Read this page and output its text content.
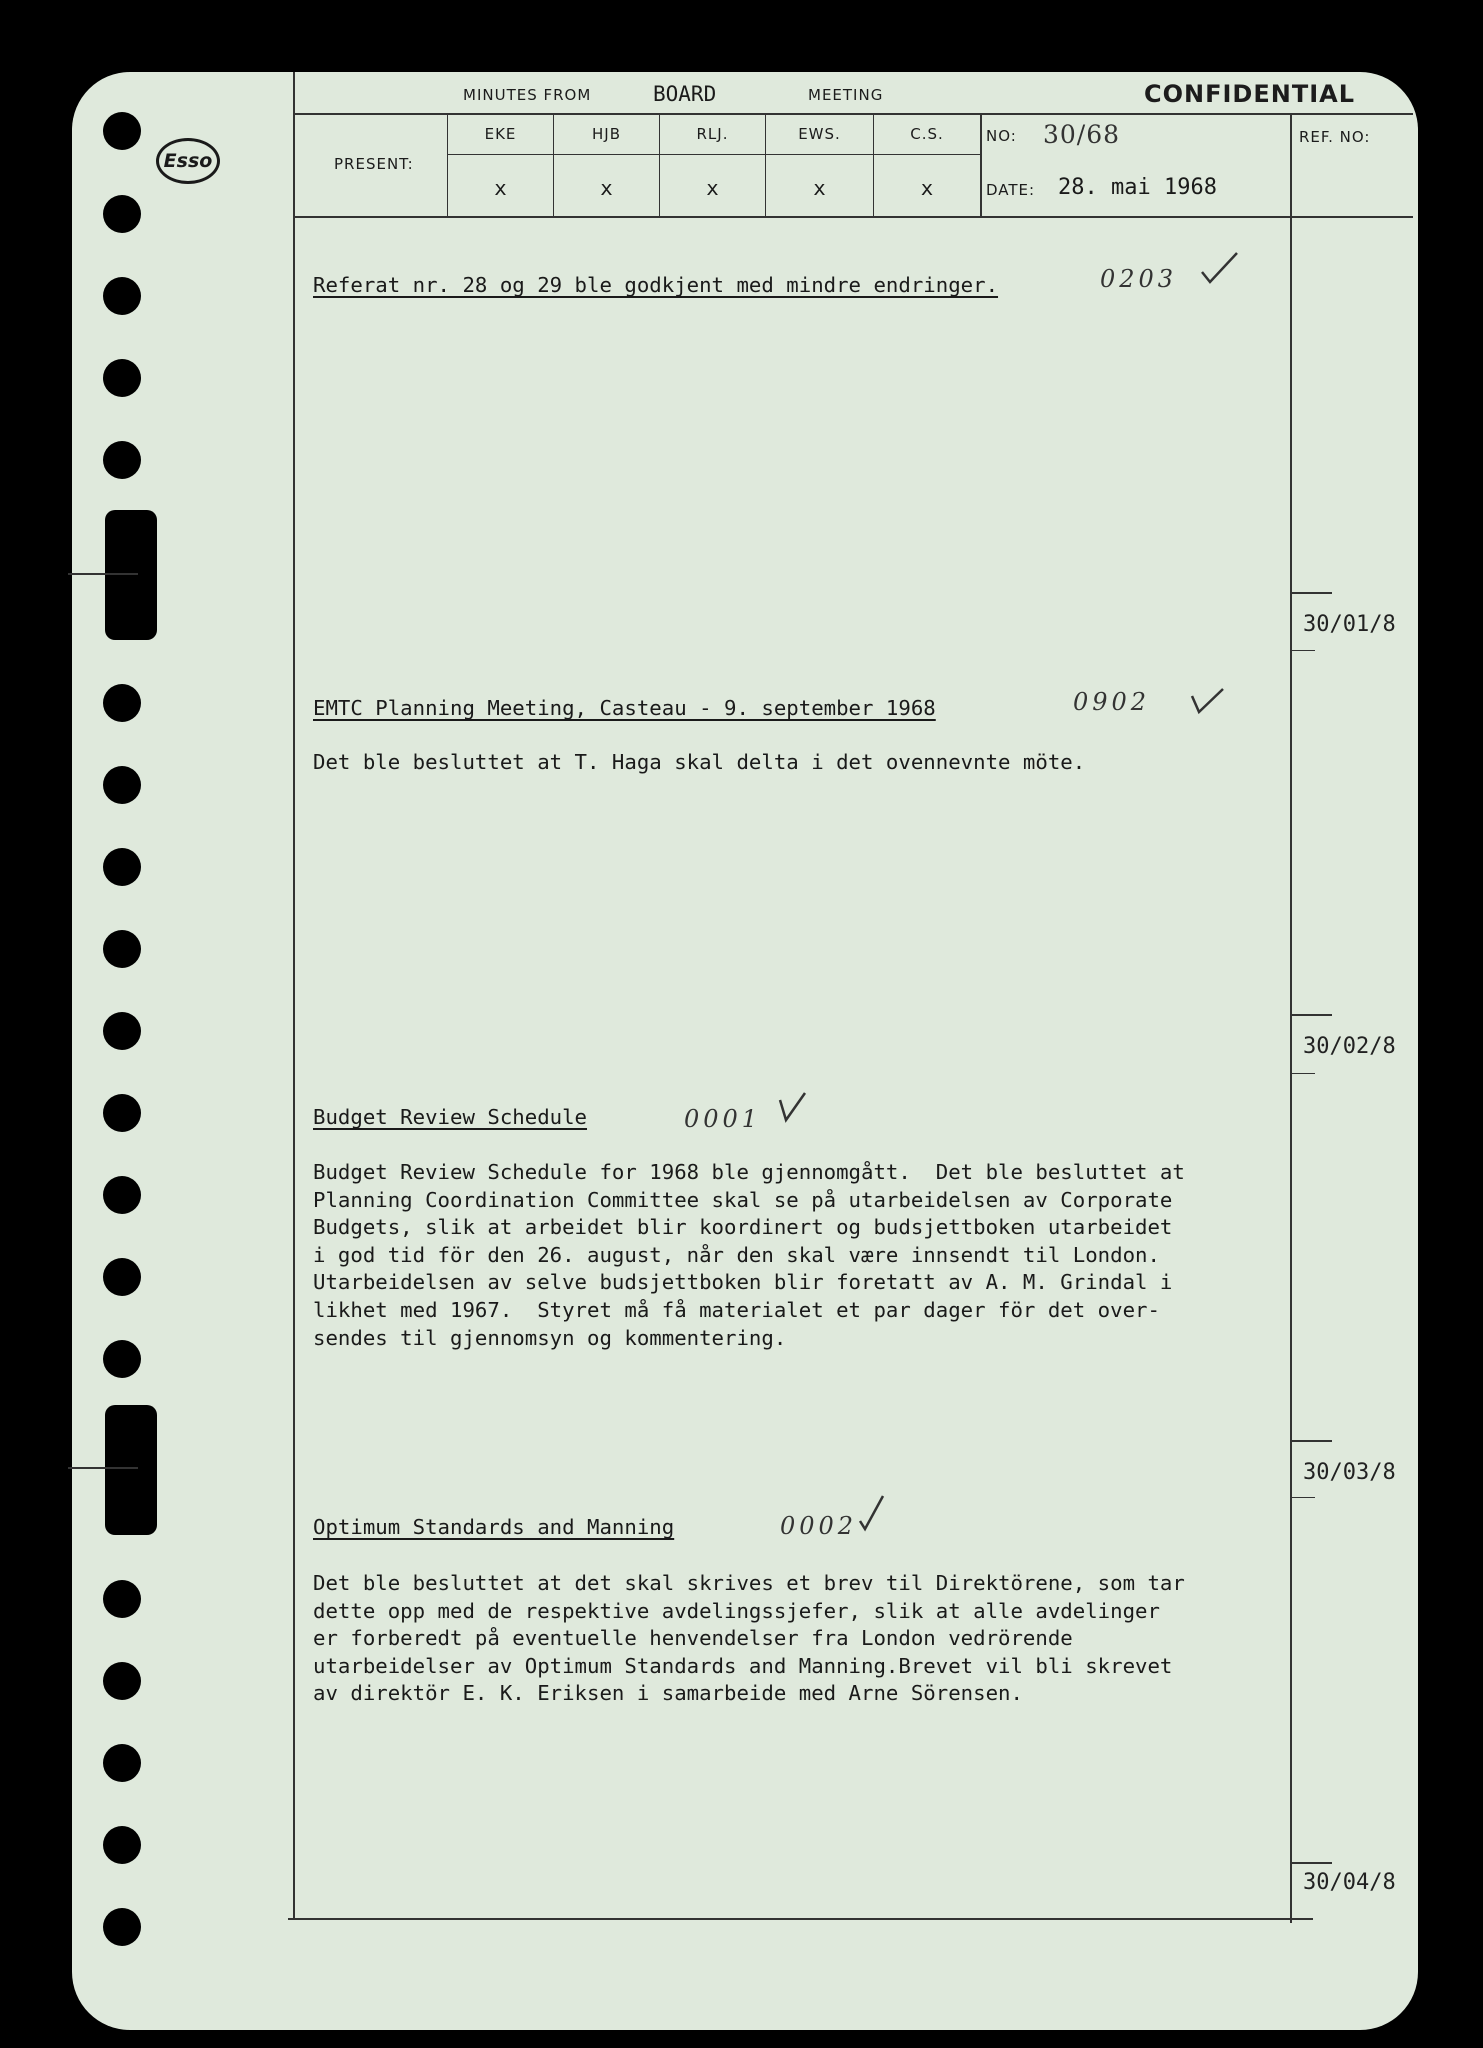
Esso
MINUTES FROM	BOARD	MEETING	CONFIDENTIAL
PRESENT:
EKE	HJB	RLJ.	EWS.	C.S.
x	x	x	x	x
NO: 30/68
DATE: 28. mai 1968
REF. NO:
Referat nr. 28 og 29 ble godkjent med mindre endringer.	0203
30/01/8
EMTC Planning Meeting, Casteau - 9. september 1968	0902
Det ble besluttet at T. Haga skal delta i det ovennevnte möte.
30/02/8
Budget Review Schedule	0001
Budget Review Schedule for 1968 ble gjennomgått.  Det ble besluttet at
Planning Coordination Committee skal se på utarbeidelsen av Corporate
Budgets, slik at arbeidet blir koordinert og budsjettboken utarbeidet
i god tid för den 26. august, når den skal være innsendt til London.
Utarbeidelsen av selve budsjettboken blir foretatt av A. M. Grindal i
likhet med 1967.  Styret må få materialet et par dager för det over-
sendes til gjennomsyn og kommentering.
30/03/8
Optimum Standards and Manning	0002
Det ble besluttet at det skal skrives et brev til Direktörene, som tar
dette opp med de respektive avdelingssjefer, slik at alle avdelinger
er forberedt på eventuelle henvendelser fra London vedrörende
utarbeidelser av Optimum Standards and Manning.Brevet vil bli skrevet
av direktör E. K. Eriksen i samarbeide med Arne Sörensen.
30/04/8
